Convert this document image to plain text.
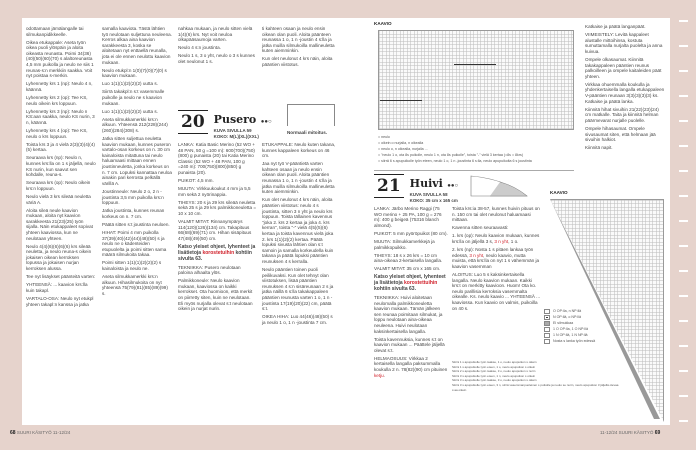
odottamaan jämälangalle tai silmukanpidikkeelle.

Oikea etukappale: Aseta työn oikea puoli ylöspäin ja aloita oikeasta reunasta. Poimi 34(36)(40)(50)(60)(70) s alaltoreunasta 4,5 mm puikolla ja neulo ne siis 1 reunas-s:n merkkiin saakka. Voit nyt poistaa s-merkin.

Lyhennetty krs 1 (np): Neulo 4 n, käännä.

Lyhennetty krs 2 (op): Tee KS, neulo oikein krs loppuun.

Lyhennetty krs 3 (np): Neulo n KS:aan saakka, neulo KS nurin, 3 n, käännä.

Lyhennetty krs 4 (op): Tee KS, neulo o krs loppuun.

Toista krs 3 ja 4 vielä 2(3)(3)(4)(4)(5) kertaa.

Seuraava krs (np): Neulo n, kunnes krs:lla on 1 s jäljellä, neulo KS nurin, kun saavut sen kohdalle, reuna-s.

Seuraava krs (op): Neulo oikein krs:n loppuun.

Neulo vielä 3 krs sileää neuletta väriä A.

Aloita sileä neule kaavion mukaan, aloita nyt kaavion sarakkeesta 21(23)(25) työn sijalla. Näin etukappaleet sopivat yhteen kaaviossa, kun ne neulotaan yhteen.

Neulo 4(4)(6)(6)(6)(6) krs sileää neuletta, ja neulo reuna-s oikein jokaisen oikean kerroksen lopussa ja jokaisen nurjan kerroksen alussa.

Tee nyt lisäykset päänteitä varten:

YHTEENSÄ: ... kaavion krs:lla kuin takapl.

VARTALO-OSA: Neulo nyt etukpl yhteen takapl:n kanssa ja jatka

samalla kaaviota. Tästä lähtien työ neulotaan suljettuna neuleena. Kerros alkaa aina kaavion sarakkeesta 3, koska se aloitetaan nyt enttaellä reunalla, jota ei ole ennen neulottu kaavion mukaan.

Neulo etukpl:n 1(0)(7)(0)(7)(0) s kaavion mukaan.

Luo 1(1)(1)(2)(2)(2) uutta s.

Siirrä takakpl:n s:t vasemmalle puikolle ja neulo ne s kaavion mukaan.

Luo 1(1)(1)(2)(2)(2) uutta s.

Aseta silmukkamerkki krs:n alkuun. Yhteensä 212(228)(244)(260)(284)(308) s.

Jatka sitten suljettua neuletta kaavion mukaan, kunnes puseron vartalo-osan korkeus on n. 30 cm kainaloista mitattuna tai neulo haluamaasi mittaan ennen joustinneuletta, jonka korkeus on n. 7 cm. Lopuksi kannattaa neuloa ainakin pari kerrosta pelkällä värillä A.

Joustinneule: Neulo 2 o, 2 n -joustinta 3,5 mm puikolla krs:n loppuun.

Jatka joustinta, kunnes reunan korkeus on n. 7 cm.

Päätä sitten s:t joustinta neuloen.

HIHAT: Poimi 4 mm puikolla 37(39)(40)(42)(44)(48)(50) s ja neulo ne o kädenteiden etupuolelta ja poimi sitten sama määrä silmukoita takaa.

Poimi sitten 1(1)(1)(2)(2)(2) s kainaloista ja neulo ne.

Aseta silmukkamerkki krs:n alkuun. Hihasilmukoita on nyt yhteensä 75(79)(81)(85)(89)(99) s.

nahkaa mukaan, ja neulo sitten vielä 1(4)(6) krs. Nyt voit neuloa olkapääsaumoja varten.

Neulo 4 s:n joustinta.

Neulo 1 s, 3 o yht, neulo o 3 s kunnes olet neulonut 1 s.

ti kahteen osaan ja neulo ensin oikean olan puoli. Aloita päänteen reunassa 1 o, 1 n -joustin 4 s:lla ja jatka muilla silmukoilla mallineuletta kuten aiemminkin.

Kun olet neulonut 4 krs näin, aloita pääntien viistotus.

20 Pusero ●●○
KUVA SIVULLA 59
KOKO: M(L)(XL)(XXL)
Normaali mitoitus.

LANKA: Katia Basic Merino (52 WO + 48 PAN, 50 g =100 m): 600(700)(750)(800) g punaista (20) tai Katia Merino Classic (52 WO + 48 PAN, 100 g =240 m): 700(750)(800)(850) g punaista (20).

PUIKOT: 4,5 mm.

MUUTA: Virkkuukoukut 4 mm ja 5,5 mm sekä 2 nyörinappia.

TIHEYS: 20 s ja 29 krs sileää neuletta sekä 25 s ja 29 krs palmikkoneuletta = 10 x 10 cm.

VALMIT MITAT: Rinnanympärys 114(120)(126)(134) cm. Takapituus 66(68)(69)(71) cm. Hihan sisäpituus 47(48)(49)(50) cm.

Katso yleiset ohjeet, lyhenteet ja lisätietoja korostetuihin kohtiin sivulta 63.

TEKNIIKKA: Pusero neulotaan paloina alhaalta ylös.

Palmikkoneule: Neulo kaavion mukaan, kaaviossa on kaikki kerrokset. Ota huomioon, että merkit on piirretty siten, kuin ne neulotaan. Eli myös nurjalla olevat s:t neulotaan oikein ja nurjat nurin.

ETUKAPPALE: Neulo kuten takana, kunnes kappaleen korkeus on 46 cm.

Jaa nyt työ V-pääntietä varten kahteen osaan ja neulo ensin oikean olan puoli. Aloita pääntien reunassa 1 o, 1 n -joustin 4 s:lla ja jatka muilla silmukoilla mallineuletta kuten aiemminkin.

Kun olet neulonut 4 krs näin, aloita pääntien viistotus: neulo 4 s joustinta, sitten 3 n yht ja neulo krs loppuun. Toista tällainen kavennus "joka 2. krs 2 kertaa ja joka 4. krs kerran", toista "-" vielä 4(5)(5)(6) kertaa ja toista kavennus vielä joka 2. krs 1(1)(2)(2) kertaa. Päätä lopuksi sivusta lähtien olan s:t samoin ja samalla korkeudella kuin takana ja päätä lopuksi pääntien reunuksen 4 s kerralla.

Neulo pääntien toinen puoli peilikuvaksi. Kun olet tehnyt olan viistotuksen, lisää pääntien reunuksen 4 s:n sisäreunaan 2 s ja jatka näillä 6 s:lla takakappaleen pääntien reunusta varten 1 o, 1 n -joustinta 17(19)(20)(22) cm, päätä s:t.

OIKEA HIHA: Luo 44(46)(48)(50) s ja neulo 1 o, 1 n -joustinta 7 cm.

KAAVIO
= neulo
= oikein o nurjalla, n oikealla
= neulo o, n oikealla, nurjalla ...
= "neulo 1 o, ota 8s puikolle, neulo 1 n, ota 8s puikolle", toista "-" vielä 3 kertaa (=8s = 8krs)
= siirrä 6 s apupuikolle työn eteen, neulo 1 o, 1 n -joustinta 6 s:lla, neulo apupuikolta 6 s joustinta

Katkaise ja päätä langanpäät.

VIIMEISTELY: Levitä kappaleet alustalle mittoihinsa, kostuta sumuttamalla nurjalta puolelta ja anna kuivua.

Ompele olkasaumat. Kiinnitä takakappaleen pääntien reunus palkoilleen ja ompele kaitaleiden päät yhteen.

Virkkaa ohuemmalla koukulla ja yhdenkertaisella langalla etukappaleen V-pääntien reunaan 3(3)(3)(3)(3) ks. Katkaise ja päätä lanka.

Kiinnitä hihat sivuihin 21(22)(23)(24) cm matkalle. Taita ja kiinnitä helman päärmevarat nurjalle puolelle.

Ompele hihasaumat. Ompele sivusaumat siten, että helmaan jää sivuihin halkiot.

Kiinnitä napit.

21 Huivi ●●○
KUVA SIVULLA 58
KOKO: 35 cm x 165 cm

LANKA: Järbo Merino Raggi (75 WO merino + 25 PA, 100 g = 276 m): 400 g beigeä (75316 blanch almond).

PUIKOT: 5 mm pyöröpuikot (80 cm).

MUUTA: Silmukkamerkkejä ja palmikkopuikko.

TIHEYS: 18 s x 26 krs = 10 cm aina-oikeaa 2-kertaisella langalla.

VALMIT MITAT: 35 cm x 165 cm.

Katso yleiset ohjeet, lyhenteet ja lisätietoja korostettuihin kohtiin sivulta 63.

TEKNIIKKA: Huivi aloitetaan neulomalla palmikkoneuletta kaavion mukaan. Tämän jälkeen sen reunaa poimitaan silmukat, ja loppu neulotaan aina-oikeaa neuleena. Huivi neulotaan kaksinkertaisella langalla.

Toista kavennuksia, kunnes s:t on kaavion mukaan ... Päättele jäljellä olevat s:t.

HELMAOSUUS: Virkkaa 2 kertaisella langalla paksummalla koukulla 2 n. 78(82)(90) cm pituinen ketju.

Toista krs:ia 38-57, kunnes huivin pituus on n. 150 cm tai olet neulonut haluamaasi mittaan.

Kavenna sitten seuraavasti:

1. krs (op): Neulo kaavion mukaan, kunnes krs:lla on jäljellä 3 s, 3 n yht, 1 o.

2. krs (np): Nosta 1 s pitäen lankaa työn edessä, 3 n yht, neulo kaavio, mutta muista, että krs:lla on nyt 1 s vähemmän ja kaavion vasemman

ALOITUS: Luo 5 s kaksinkertaisella langalla. Neulo kaavion mukaan. Kaikki krs:t on merkitty kaavioon. Huom! Ota ko. neulo parillisia kerroksia vasemmalta oikealle. Ks. neulo kaavio ... YHTEENSÄ ... kaaviossa. Kun kaavio on valmis, puikoilla on 40 s.

KAAVIO
O OP:lla, n NP:llä
N OP:llä, o NP:llä
Ei silmukkaa
1 O OP:lla, 1 O NP:llä
1 N OP:llä, 1 N NP:llä
Nosta s lanka työn edessä
Siirrä 1 s apupuikolle työn taakse, 1 o, neulo apupuikon s oikein
Siirrä 1 s apupuikolle työn eteen, 1 o, neulo apupuikon s oikein
Siirrä 2 s apupuikolle työn taakse, 3 o, neulo apupuikon s nurin
Siirrä 3 s apupuikolle työn eteen, 1 n, neulo apupuikon s oikein
Siirrä 3 s apupuikolle työn taakse, 3 o, neulo apupuikon s oikein
Siirrä 3 s apupuikolle työn eteen, 3 n, siirrä vasemmanpuoleinen s puikolle ja neulo se nurin, neulo apupuikon 3 jäljellä olevaa s:aa oikein
68 SUURI KÄSITYÖ 11-12/24	11-12/24 SUURI KÄSITYÖ 69
